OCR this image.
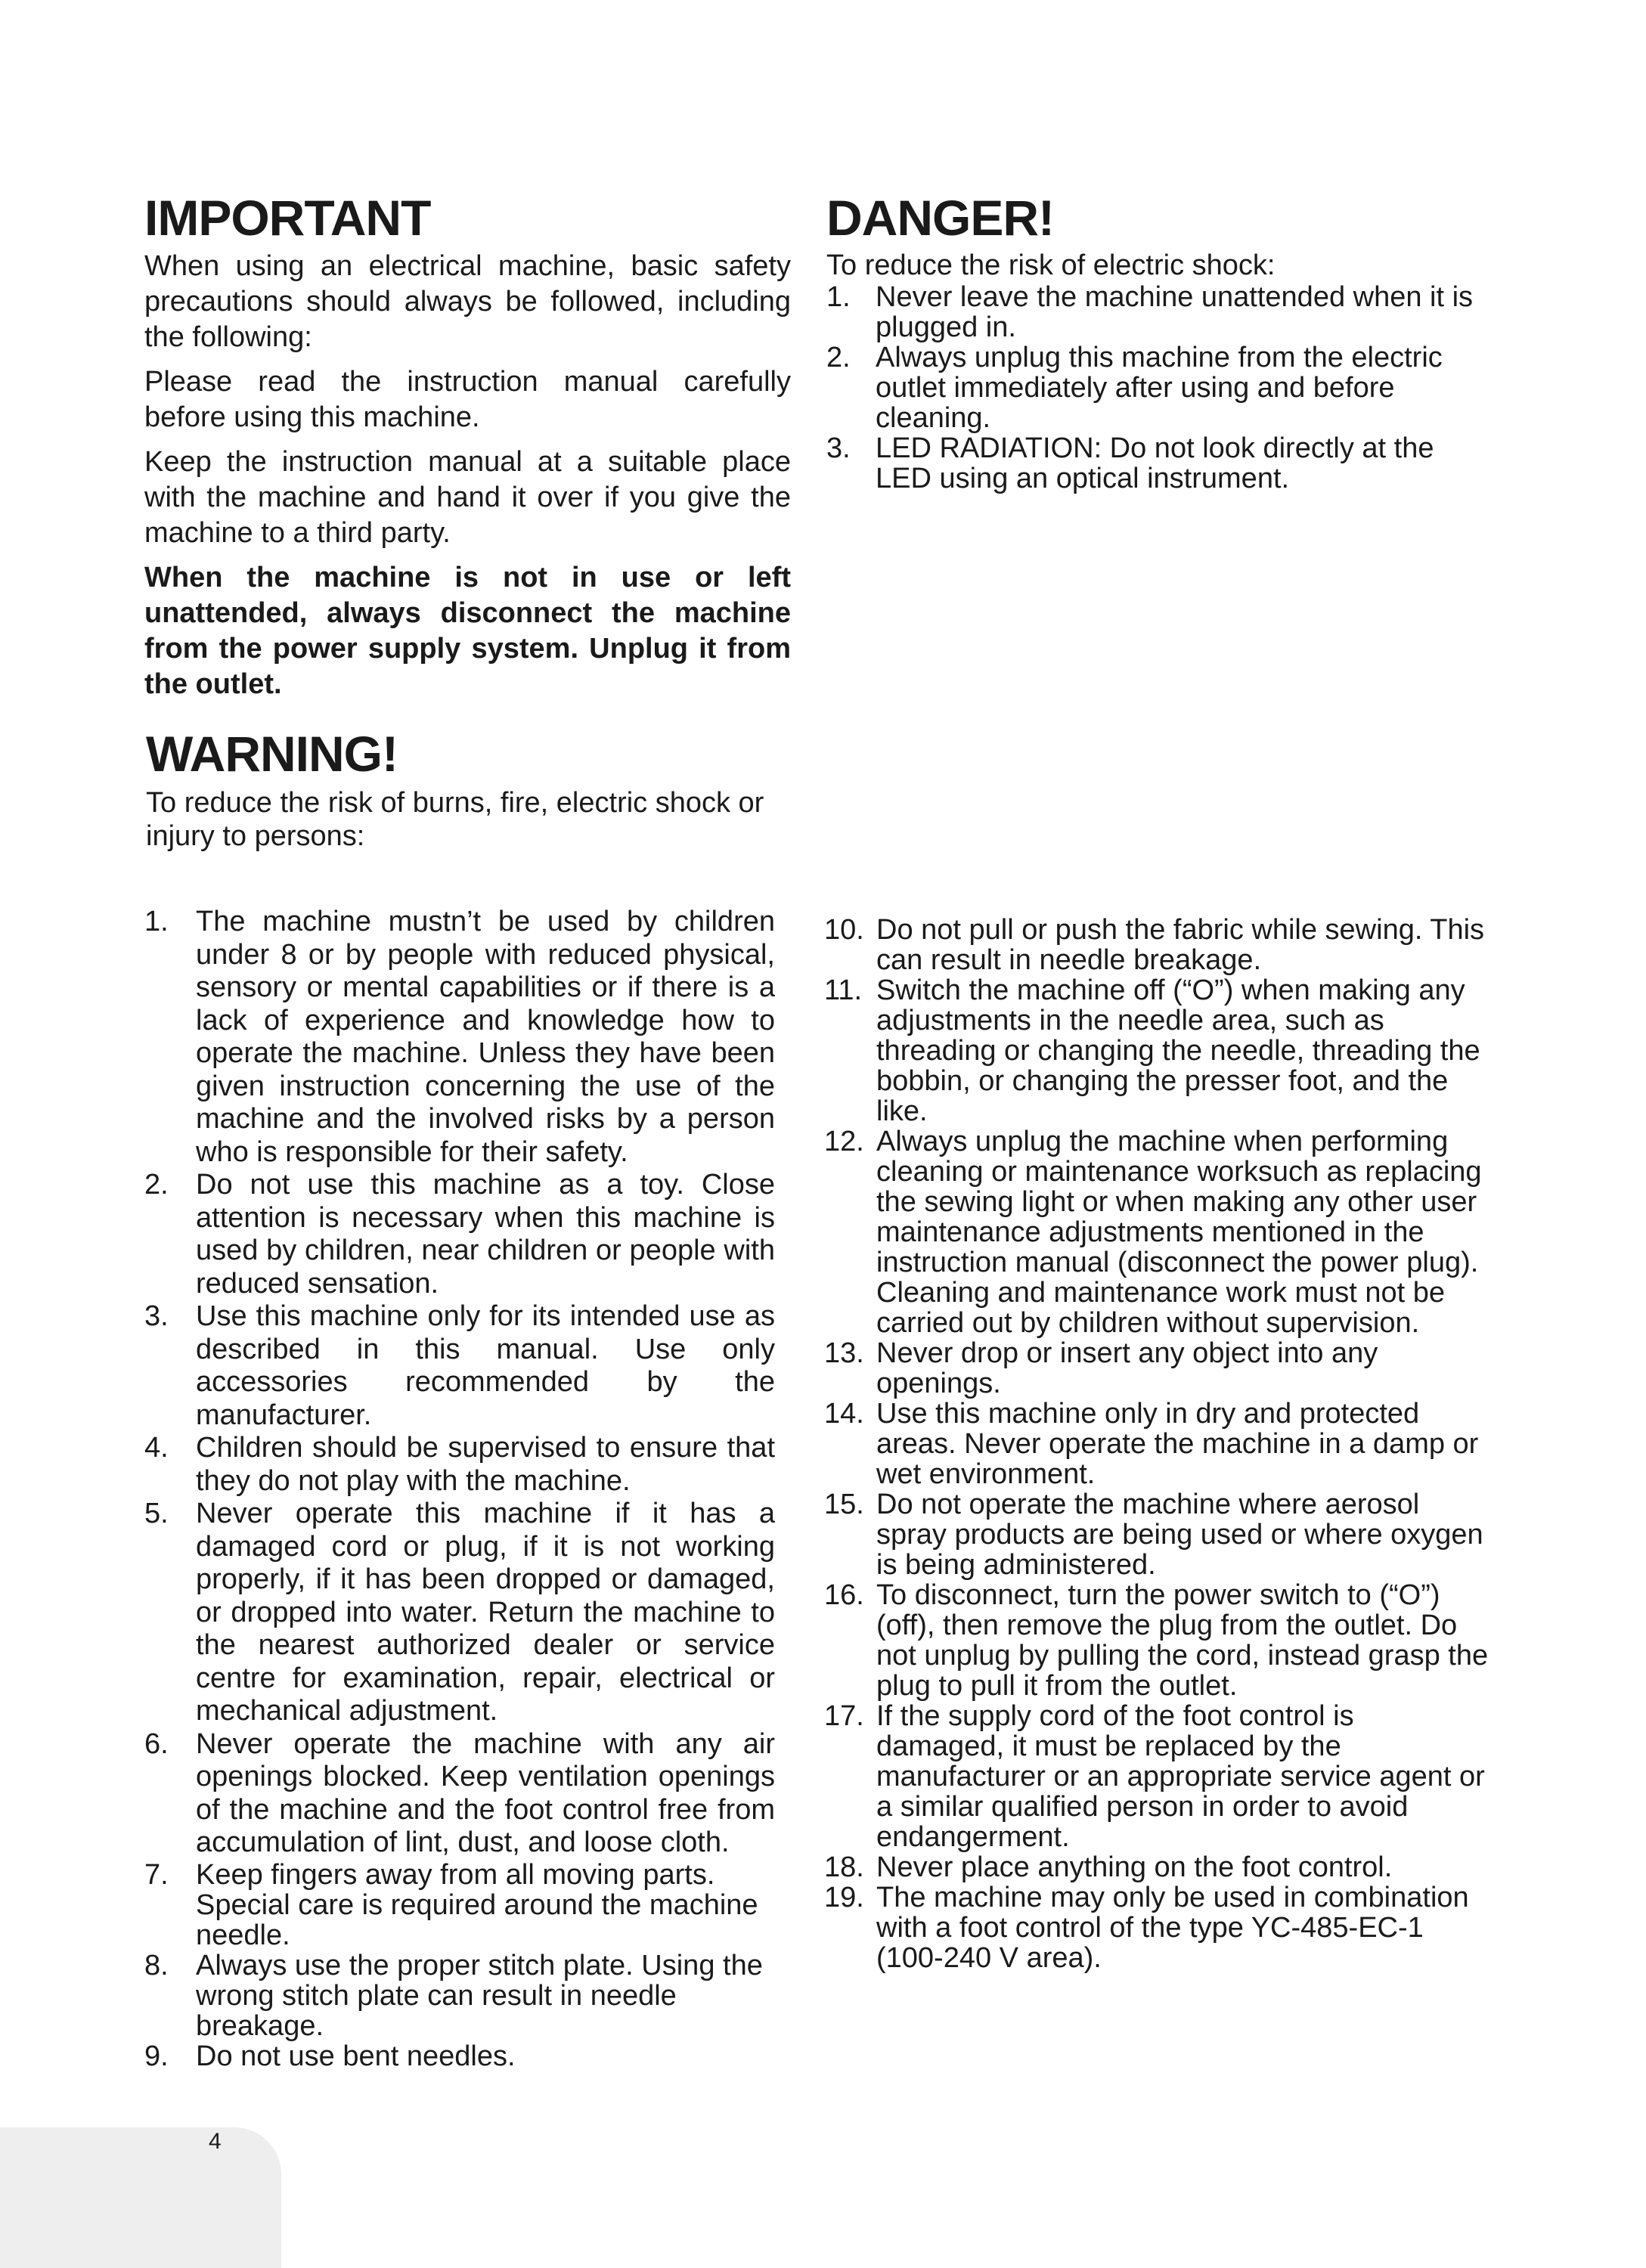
IMPORTANT

When using an electrical machine, basic safety precautions should always be followed, including the following:

Please read the instruction manual carefully before using this machine.

Keep the instruction manual at a suitable place with the machine and hand it over if you give the machine to a third party.

When the machine is not in use or left unattended, always disconnect the machine from the power supply system. Unplug it from the outlet.

DANGER!

To reduce the risk of electric shock:

1. Never leave the machine unattended when it is plugged in.
2. Always unplug this machine from the electric outlet immediately after using and before cleaning.
3. LED RADIATION: Do not look directly at the LED using an optical instrument.
WARNING!

To reduce the risk of burns, fire, electric shock or injury to persons:

1. The machine mustn’t be used by children under 8 or by people with reduced physical, sensory or mental capabilities or if there is a lack of experience and knowledge how to operate the machine. Unless they have been given instruction concerning the use of the machine and the involved risks by a person who is responsible for their safety.
2. Do not use this machine as a toy. Close attention is necessary when this machine is used by children, near children or people with reduced sensation.
3. Use this machine only for its intended use as described in this manual. Use only accessories recommended by the manufacturer.
4. Children should be supervised to ensure that they do not play with the machine.
5. Never operate this machine if it has a damaged cord or plug, if it is not working properly, if it has been dropped or damaged, or dropped into water. Return the machine to the nearest authorized dealer or service centre for examination, repair, electrical or mechanical adjustment.
6. Never operate the machine with any air openings blocked. Keep ventilation openings of the machine and the foot control free from accumulation of lint, dust, and loose cloth.
7. Keep fingers away from all moving parts. Special care is required around the machine needle.
8. Always use the proper stitch plate. Using the wrong stitch plate can result in needle breakage.
9. Do not use bent needles.
10. Do not pull or push the fabric while sewing. This can result in needle breakage.
11. Switch the machine off (“O”) when making any adjustments in the needle area, such as threading or changing the needle, threading the bobbin, or changing the presser foot, and the like.
12. Always unplug the machine when performing cleaning or maintenance worksuch as replacing the sewing light or when making any other user maintenance adjustments mentioned in the instruction manual (disconnect the power plug). Cleaning and maintenance work must not be carried out by children without supervision.
13. Never drop or insert any object into any openings.
14. Use this machine only in dry and protected areas. Never operate the machine in a damp or wet environment.
15. Do not operate the machine where aerosol spray products are being used or where oxygen is being administered.
16. To disconnect, turn the power switch to (“O”)(off), then remove the plug from the outlet. Do not unplug by pulling the cord, instead grasp the plug to pull it from the outlet.
17. If the supply cord of the foot control is damaged, it must be replaced by the manufacturer or an appropriate service agent or a similar qualified person in order to avoid endangerment.
18. Never place anything on the foot control.
19. The machine may only be used in combination with a foot control of the type YC-485-EC-1 (100-240 V area).
4
